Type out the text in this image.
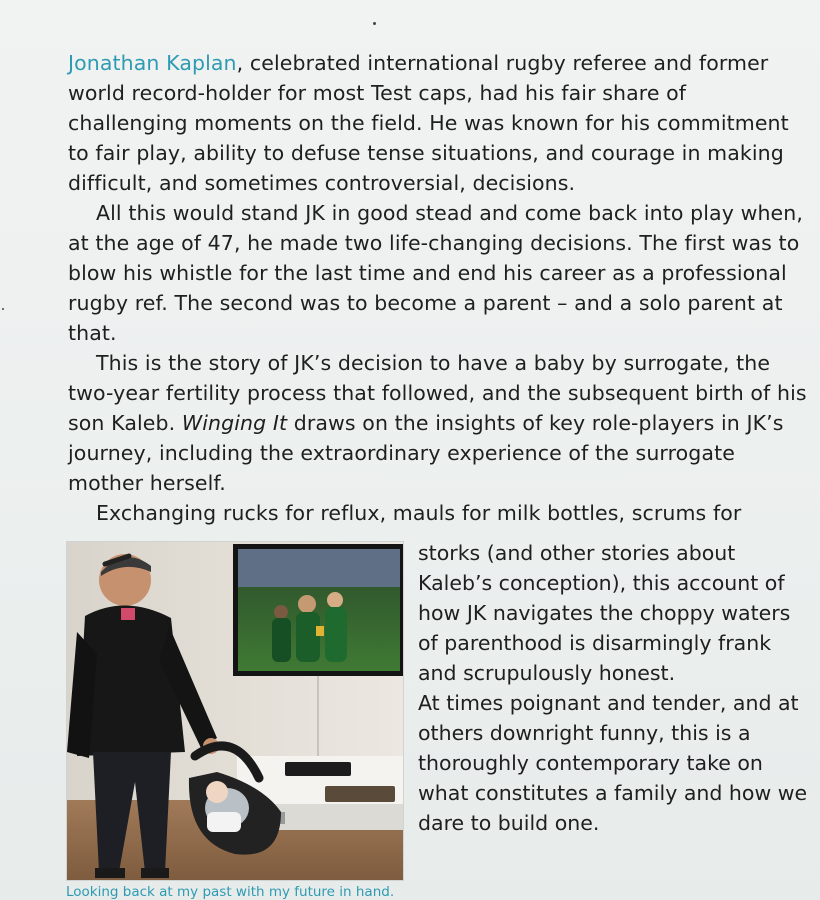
Jonathan Kaplan, celebrated international rugby referee and former world record-holder for most Test caps, had his fair share of challenging moments on the field. He was known for his commitment to fair play, ability to defuse tense situations, and courage in making difficult, and sometimes controversial, decisions.

All this would stand JK in good stead and come back into play when, at the age of 47, he made two life-changing decisions. The first was to blow his whistle for the last time and end his career as a professional rugby ref. The second was to become a parent – and a solo parent at that.

This is the story of JK’s decision to have a baby by surrogate, the two-year fertility process that followed, and the subsequent birth of his son Kaleb. Winging It draws on the insights of key role-players in JK’s journey, including the extraordinary experience of the surrogate mother herself.

Exchanging rucks for reflux, mauls for milk bottles, scrums for

storks (and other stories about Kaleb’s conception), this account of how JK navigates the choppy waters of parenthood is disarmingly frank and scrupulously honest.

At times poignant and tender, and at others downright funny, this is a thoroughly contemporary take on what constitutes a family and how we dare to build one.

Looking back at my past with my future in hand.
